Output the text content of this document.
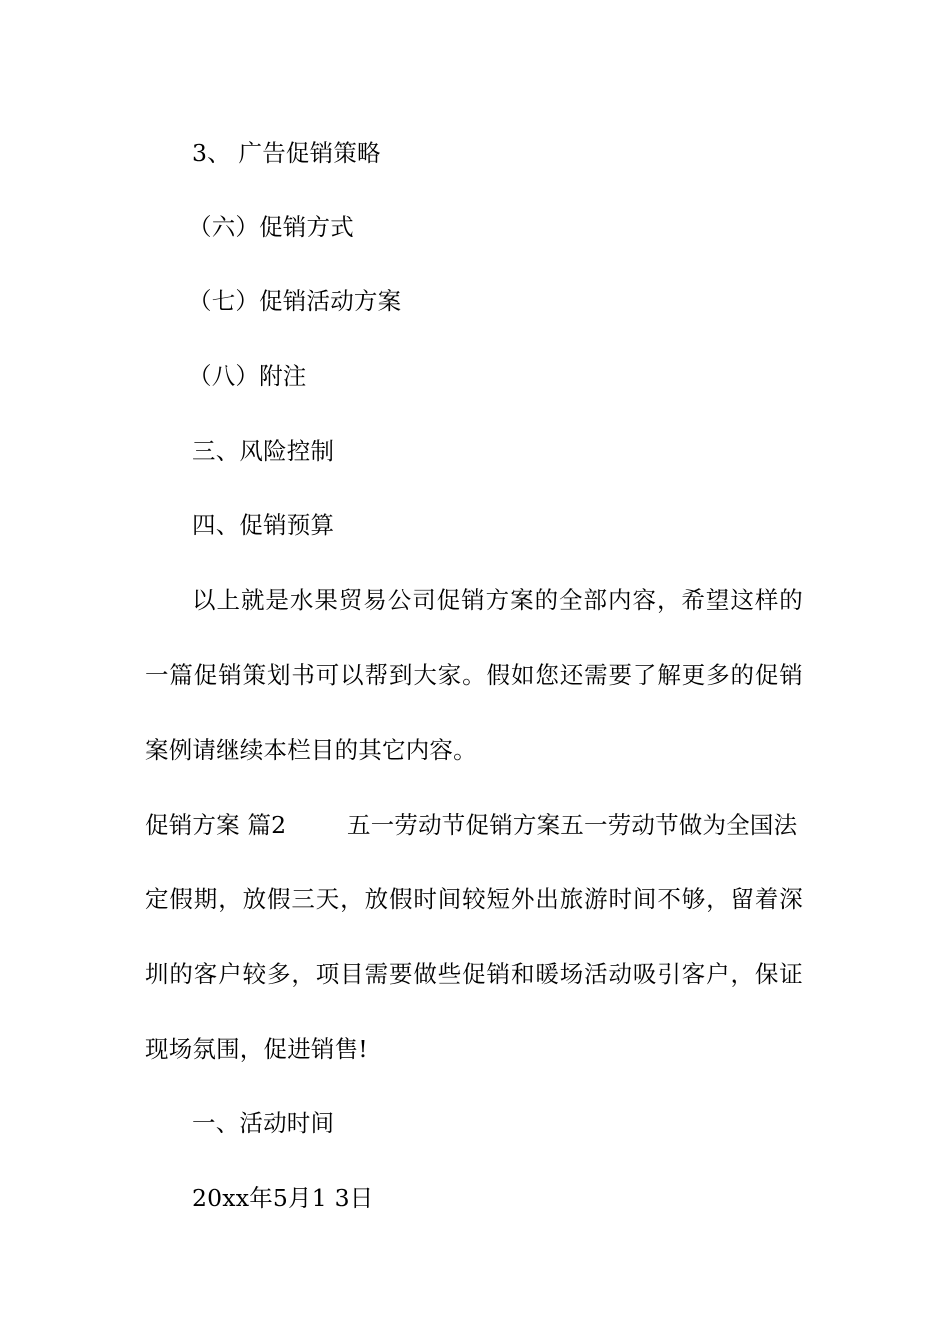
3、 广告促销策略
（六）促销方式
（七）促销活动方案
（八）附注
三、风险控制
四、促销预算
以上就是水果贸易公司促销方案的全部内容，希望这样的
一篇促销策划书可以帮到大家。假如您还需要了解更多的促销
案例请继续本栏目的其它内容。
促销方案 篇2	五一劳动节促销方案五一劳动节做为全国法
定假期，放假三天，放假时间较短外出旅游时间不够，留着深
圳的客户较多，项目需要做些促销和暖场活动吸引客户，保证
现场氛围，促进销售!
一、活动时间
20xx年5月1 3日
